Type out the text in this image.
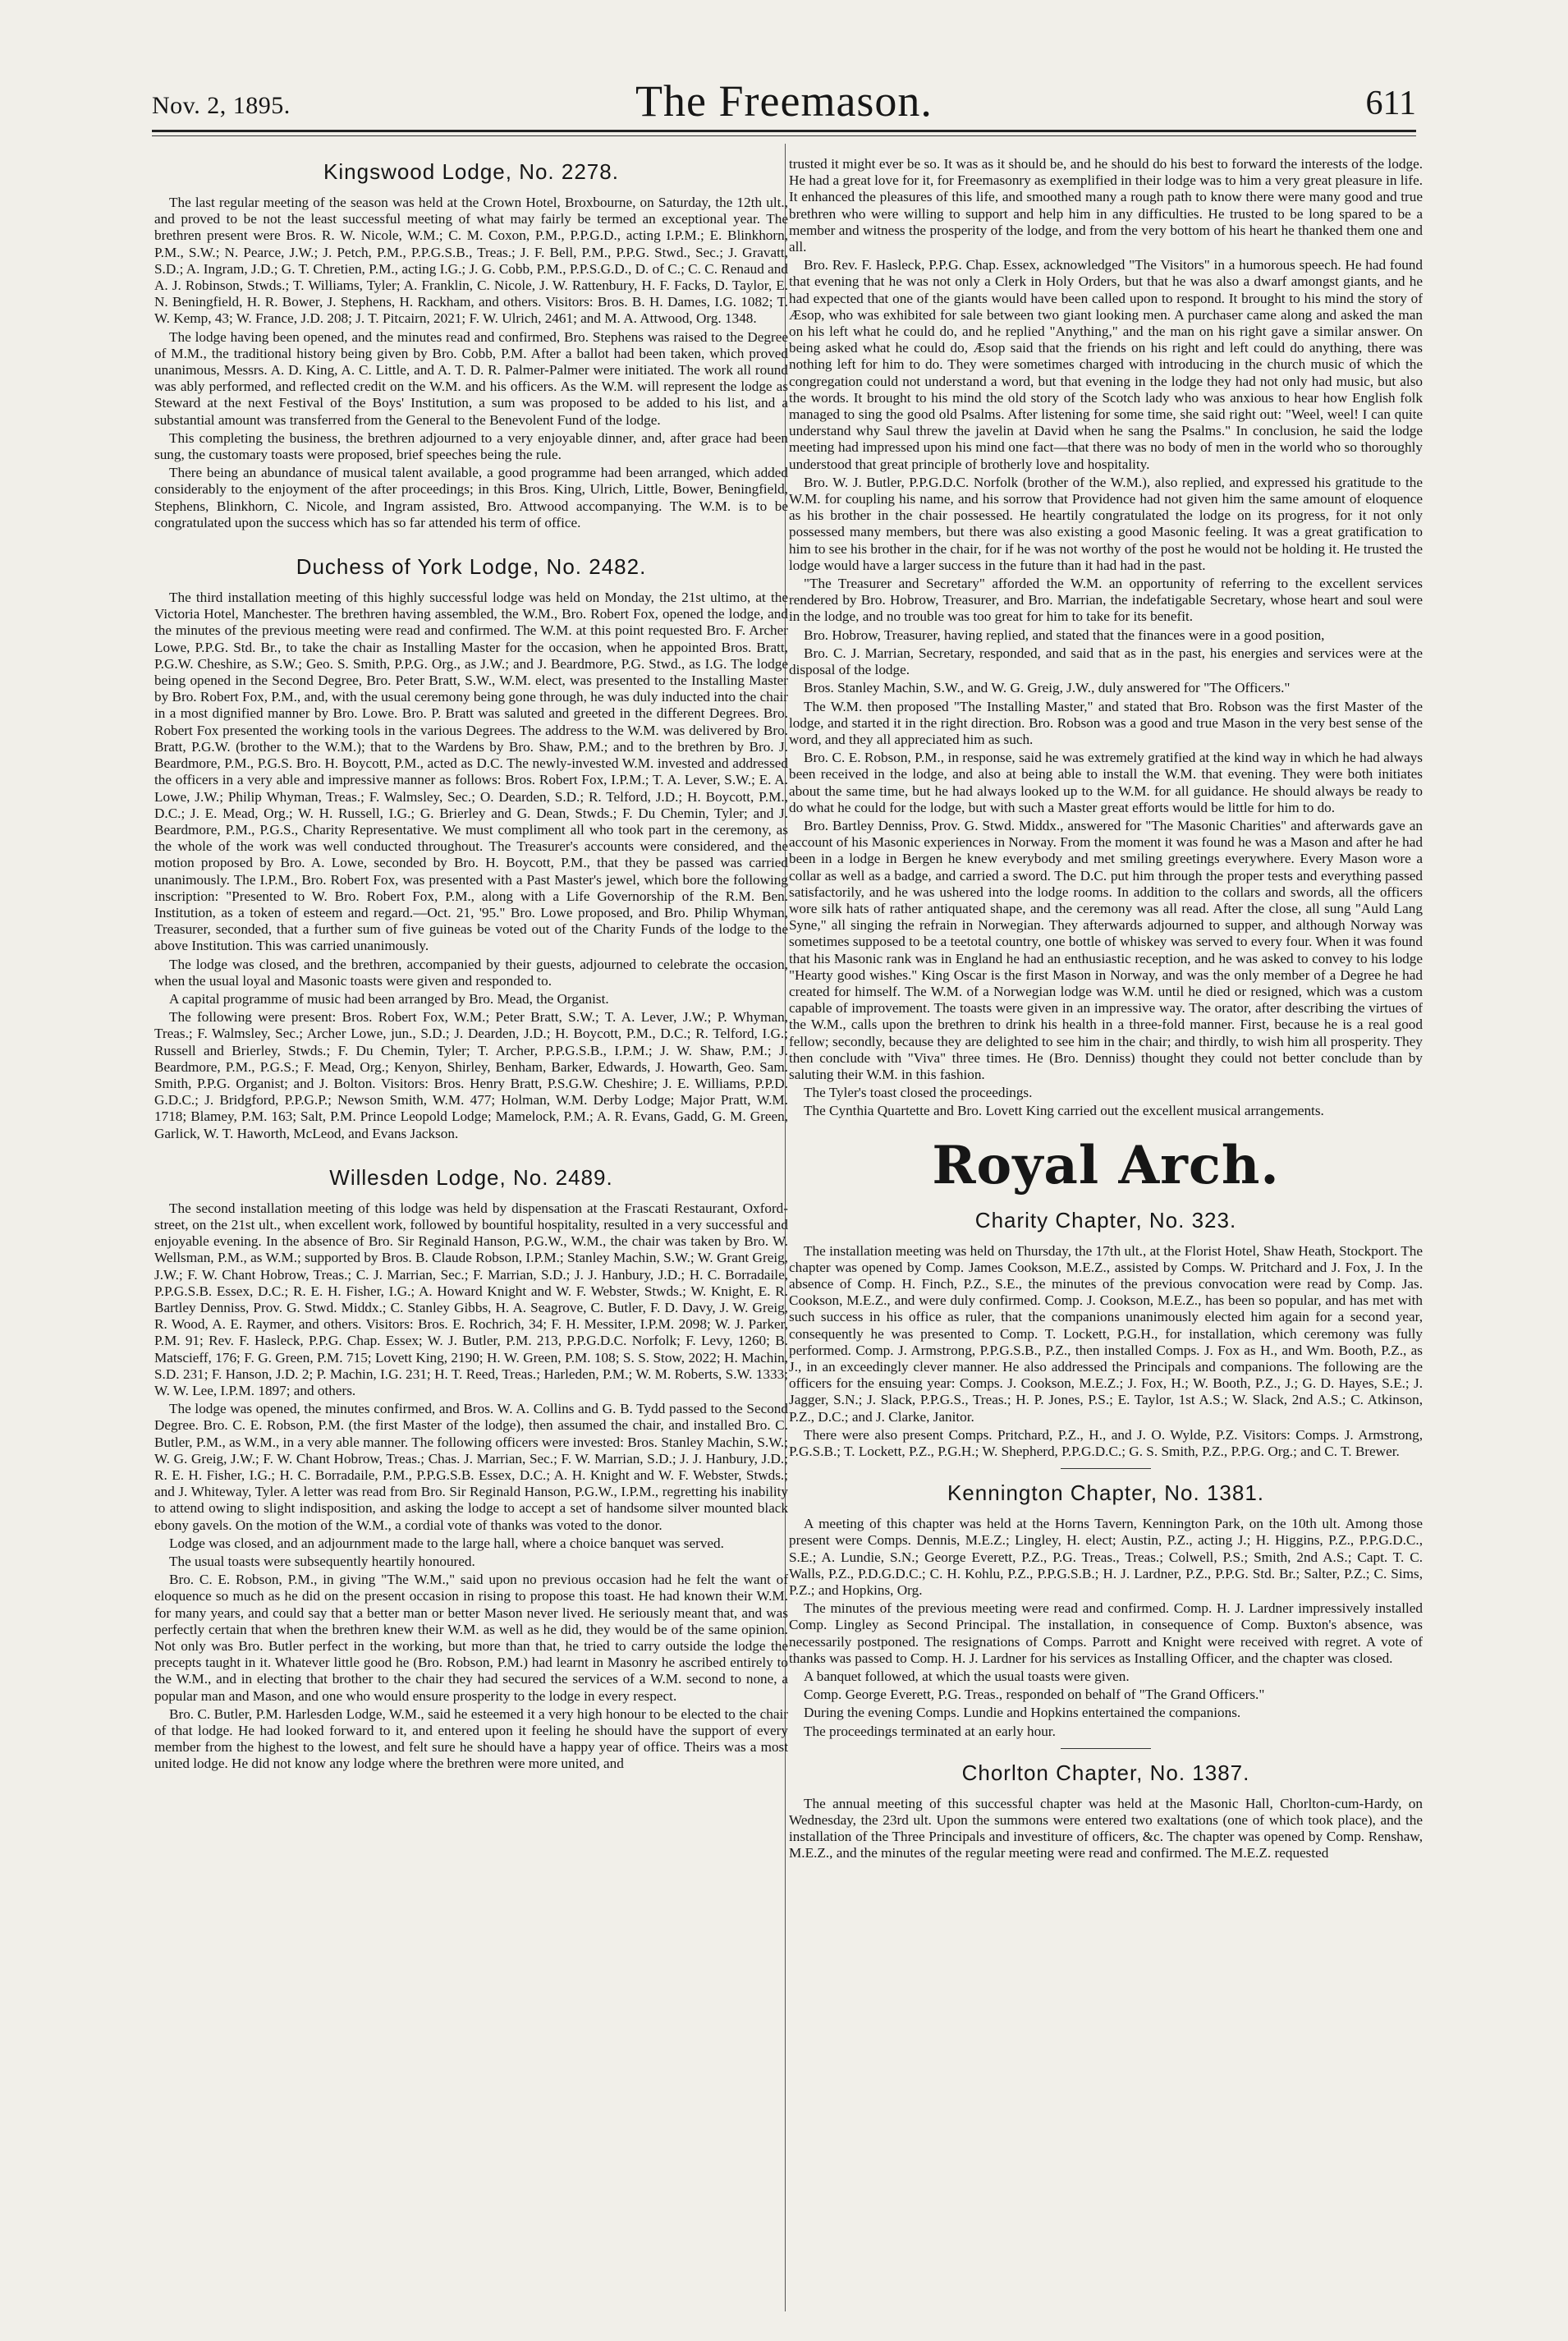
Nov. 2, 1895.	The Freemason.	611
Kingswood Lodge, No. 2278.

The last regular meeting of the season was held at the Crown Hotel, Broxbourne, on Saturday, the 12th ult., and proved to be not the least successful meeting of what may fairly be termed an exceptional year. The brethren present were Bros. R. W. Nicole, W.M.; C. M. Coxon, P.M., P.P.G.D., acting I.P.M.; E. Blinkhorn, P.M., S.W.; N. Pearce, J.W.; J. Petch, P.M., P.P.G.S.B., Treas.; J. F. Bell, P.M., P.P.G. Stwd., Sec.; J. Gravatt, S.D.; A. Ingram, J.D.; G. T. Chretien, P.M., acting I.G.; J. G. Cobb, P.M., P.P.S.G.D., D. of C.; C. C. Renaud and A. J. Robinson, Stwds.; T. Williams, Tyler; A. Franklin, C. Nicole, J. W. Rattenbury, H. F. Facks, D. Taylor, E. N. Beningfield, H. R. Bower, J. Stephens, H. Rackham, and others. Visitors: Bros. B. H. Dames, I.G. 1082; T. W. Kemp, 43; W. France, J.D. 208; J. T. Pitcairn, 2021; F. W. Ulrich, 2461; and M. A. Attwood, Org. 1348.

The lodge having been opened, and the minutes read and confirmed, Bro. Stephens was raised to the Degree of M.M., the traditional history being given by Bro. Cobb, P.M. After a ballot had been taken, which proved unanimous, Messrs. A. D. King, A. C. Little, and A. T. D. R. Palmer-Palmer were initiated. The work all round was ably performed, and reflected credit on the W.M. and his officers. As the W.M. will represent the lodge as Steward at the next Festival of the Boys' Institution, a sum was proposed to be added to his list, and a substantial amount was transferred from the General to the Benevolent Fund of the lodge.

This completing the business, the brethren adjourned to a very enjoyable dinner, and, after grace had been sung, the customary toasts were proposed, brief speeches being the rule.

There being an abundance of musical talent available, a good programme had been arranged, which added considerably to the enjoyment of the after proceedings; in this Bros. King, Ulrich, Little, Bower, Beningfield, Stephens, Blinkhorn, C. Nicole, and Ingram assisted, Bro. Attwood accompanying. The W.M. is to be congratulated upon the success which has so far attended his term of office.

Duchess of York Lodge, No. 2482.

The third installation meeting of this highly successful lodge was held on Monday, the 21st ultimo, at the Victoria Hotel, Manchester. The brethren having assembled, the W.M., Bro. Robert Fox, opened the lodge, and the minutes of the previous meeting were read and confirmed. The W.M. at this point requested Bro. F. Archer Lowe, P.P.G. Std. Br., to take the chair as Installing Master for the occasion, when he appointed Bros. Bratt, P.G.W. Cheshire, as S.W.; Geo. S. Smith, P.P.G. Org., as J.W.; and J. Beardmore, P.G. Stwd., as I.G. The lodge being opened in the Second Degree, Bro. Peter Bratt, S.W., W.M. elect, was presented to the Installing Master by Bro. Robert Fox, P.M., and, with the usual ceremony being gone through, he was duly inducted into the chair in a most dignified manner by Bro. Lowe. Bro. P. Bratt was saluted and greeted in the different Degrees. Bro. Robert Fox presented the working tools in the various Degrees. The address to the W.M. was delivered by Bro. Bratt, P.G.W. (brother to the W.M.); that to the Wardens by Bro. Shaw, P.M.; and to the brethren by Bro. J. Beardmore, P.M., P.G.S. Bro. H. Boycott, P.M., acted as D.C. The newly-invested W.M. invested and addressed the officers in a very able and impressive manner as follows: Bros. Robert Fox, I.P.M.; T. A. Lever, S.W.; E. A. Lowe, J.W.; Philip Whyman, Treas.; F. Walmsley, Sec.; O. Dearden, S.D.; R. Telford, J.D.; H. Boycott, P.M., D.C.; J. E. Mead, Org.; W. H. Russell, I.G.; G. Brierley and G. Dean, Stwds.; F. Du Chemin, Tyler; and J. Beardmore, P.M., P.G.S., Charity Representative. We must compliment all who took part in the ceremony, as the whole of the work was well conducted throughout. The Treasurer's accounts were considered, and the motion proposed by Bro. A. Lowe, seconded by Bro. H. Boycott, P.M., that they be passed was carried unanimously. The I.P.M., Bro. Robert Fox, was presented with a Past Master's jewel, which bore the following inscription: "Presented to W. Bro. Robert Fox, P.M., along with a Life Governorship of the R.M. Ben. Institution, as a token of esteem and regard.—Oct. 21, '95." Bro. Lowe proposed, and Bro. Philip Whyman, Treasurer, seconded, that a further sum of five guineas be voted out of the Charity Funds of the lodge to the above Institution. This was carried unanimously.

The lodge was closed, and the brethren, accompanied by their guests, adjourned to celebrate the occasion, when the usual loyal and Masonic toasts were given and responded to.

A capital programme of music had been arranged by Bro. Mead, the Organist.

The following were present: Bros. Robert Fox, W.M.; Peter Bratt, S.W.; T. A. Lever, J.W.; P. Whyman, Treas.; F. Walmsley, Sec.; Archer Lowe, jun., S.D.; J. Dearden, J.D.; H. Boycott, P.M., D.C.; R. Telford, I.G.; Russell and Brierley, Stwds.; F. Du Chemin, Tyler; T. Archer, P.P.G.S.B., I.P.M.; J. W. Shaw, P.M.; J. Beardmore, P.M., P.G.S.; F. Mead, Org.; Kenyon, Shirley, Benham, Barker, Edwards, J. Howarth, Geo. Sam. Smith, P.P.G. Organist; and J. Bolton. Visitors: Bros. Henry Bratt, P.S.G.W. Cheshire; J. E. Williams, P.P.D. G.D.C.; J. Bridgford, P.P.G.P.; Newson Smith, W.M. 477; Holman, W.M. Derby Lodge; Major Pratt, W.M. 1718; Blamey, P.M. 163; Salt, P.M. Prince Leopold Lodge; Mamelock, P.M.; A. R. Evans, Gadd, G. M. Green, Garlick, W. T. Haworth, McLeod, and Evans Jackson.

Willesden Lodge, No. 2489.

The second installation meeting of this lodge was held by dispensation at the Frascati Restaurant, Oxford-street, on the 21st ult., when excellent work, followed by bountiful hospitality, resulted in a very successful and enjoyable evening. In the absence of Bro. Sir Reginald Hanson, P.G.W., W.M., the chair was taken by Bro. W. Wellsman, P.M., as W.M.; supported by Bros. B. Claude Robson, I.P.M.; Stanley Machin, S.W.; W. Grant Greig, J.W.; F. W. Chant Hobrow, Treas.; C. J. Marrian, Sec.; F. Marrian, S.D.; J. J. Hanbury, J.D.; H. C. Borradaile, P.P.G.S.B. Essex, D.C.; R. E. H. Fisher, I.G.; A. Howard Knight and W. F. Webster, Stwds.; W. Knight, E. R. Bartley Denniss, Prov. G. Stwd. Middx.; C. Stanley Gibbs, H. A. Seagrove, C. Butler, F. D. Davy, J. W. Greig, R. Wood, A. E. Raymer, and others. Visitors: Bros. E. Rochrich, 34; F. H. Messiter, I.P.M. 2098; W. J. Parker, P.M. 91; Rev. F. Hasleck, P.P.G. Chap. Essex; W. J. Butler, P.M. 213, P.P.G.D.C. Norfolk; F. Levy, 1260; B. Matscieff, 176; F. G. Green, P.M. 715; Lovett King, 2190; H. W. Green, P.M. 108; S. S. Stow, 2022; H. Machin, S.D. 231; F. Hanson, J.D. 2; P. Machin, I.G. 231; H. T. Reed, Treas.; Harleden, P.M.; W. M. Roberts, S.W. 1333; W. W. Lee, I.P.M. 1897; and others.

The lodge was opened, the minutes confirmed, and Bros. W. A. Collins and G. B. Tydd passed to the Second Degree. Bro. C. E. Robson, P.M. (the first Master of the lodge), then assumed the chair, and installed Bro. C. Butler, P.M., as W.M., in a very able manner. The following officers were invested: Bros. Stanley Machin, S.W.; W. G. Greig, J.W.; F. W. Chant Hobrow, Treas.; Chas. J. Marrian, Sec.; F. W. Marrian, S.D.; J. J. Hanbury, J.D.; R. E. H. Fisher, I.G.; H. C. Borradaile, P.M., P.P.G.S.B. Essex, D.C.; A. H. Knight and W. F. Webster, Stwds.; and J. Whiteway, Tyler. A letter was read from Bro. Sir Reginald Hanson, P.G.W., I.P.M., regretting his inability to attend owing to slight indisposition, and asking the lodge to accept a set of handsome silver mounted black ebony gavels. On the motion of the W.M., a cordial vote of thanks was voted to the donor.

Lodge was closed, and an adjournment made to the large hall, where a choice banquet was served.

The usual toasts were subsequently heartily honoured.

Bro. C. E. Robson, P.M., in giving "The W.M.," said upon no previous occasion had he felt the want of eloquence so much as he did on the present occasion in rising to propose this toast. He had known their W.M. for many years, and could say that a better man or better Mason never lived. He seriously meant that, and was perfectly certain that when the brethren knew their W.M. as well as he did, they would be of the same opinion. Not only was Bro. Butler perfect in the working, but more than that, he tried to carry outside the lodge the precepts taught in it. Whatever little good he (Bro. Robson, P.M.) had learnt in Masonry he ascribed entirely to the W.M., and in electing that brother to the chair they had secured the services of a W.M. second to none, a popular man and Mason, and one who would ensure prosperity to the lodge in every respect.

Bro. C. Butler, P.M. Harlesden Lodge, W.M., said he esteemed it a very high honour to be elected to the chair of that lodge. He had looked forward to it, and entered upon it feeling he should have the support of every member from the highest to the lowest, and felt sure he should have a happy year of office. Theirs was a most united lodge. He did not know any lodge where the brethren were more united, and

trusted it might ever be so. It was as it should be, and he should do his best to forward the interests of the lodge. He had a great love for it, for Freemasonry as exemplified in their lodge was to him a very great pleasure in life. It enhanced the pleasures of this life, and smoothed many a rough path to know there were many good and true brethren who were willing to support and help him in any difficulties. He trusted to be long spared to be a member and witness the prosperity of the lodge, and from the very bottom of his heart he thanked them one and all.

Bro. Rev. F. Hasleck, P.P.G. Chap. Essex, acknowledged "The Visitors" in a humorous speech. He had found that evening that he was not only a Clerk in Holy Orders, but that he was also a dwarf amongst giants, and he had expected that one of the giants would have been called upon to respond. It brought to his mind the story of Æsop, who was exhibited for sale between two giant looking men. A purchaser came along and asked the man on his left what he could do, and he replied "Anything," and the man on his right gave a similar answer. On being asked what he could do, Æsop said that the friends on his right and left could do anything, there was nothing left for him to do. They were sometimes charged with introducing in the church music of which the congregation could not understand a word, but that evening in the lodge they had not only had music, but also the words. It brought to his mind the old story of the Scotch lady who was anxious to hear how English folk managed to sing the good old Psalms. After listening for some time, she said right out: "Weel, weel! I can quite understand why Saul threw the javelin at David when he sang the Psalms." In conclusion, he said the lodge meeting had impressed upon his mind one fact—that there was no body of men in the world who so thoroughly understood that great principle of brotherly love and hospitality.

Bro. W. J. Butler, P.P.G.D.C. Norfolk (brother of the W.M.), also replied, and expressed his gratitude to the W.M. for coupling his name, and his sorrow that Providence had not given him the same amount of eloquence as his brother in the chair possessed. He heartily congratulated the lodge on its progress, for it not only possessed many members, but there was also existing a good Masonic feeling. It was a great gratification to him to see his brother in the chair, for if he was not worthy of the post he would not be holding it. He trusted the lodge would have a larger success in the future than it had had in the past.

"The Treasurer and Secretary" afforded the W.M. an opportunity of referring to the excellent services rendered by Bro. Hobrow, Treasurer, and Bro. Marrian, the indefatigable Secretary, whose heart and soul were in the lodge, and no trouble was too great for him to take for its benefit.

Bro. Hobrow, Treasurer, having replied, and stated that the finances were in a good position,

Bro. C. J. Marrian, Secretary, responded, and said that as in the past, his energies and services were at the disposal of the lodge.

Bros. Stanley Machin, S.W., and W. G. Greig, J.W., duly answered for "The Officers."

The W.M. then proposed "The Installing Master," and stated that Bro. Robson was the first Master of the lodge, and started it in the right direction. Bro. Robson was a good and true Mason in the very best sense of the word, and they all appreciated him as such.

Bro. C. E. Robson, P.M., in response, said he was extremely gratified at the kind way in which he had always been received in the lodge, and also at being able to install the W.M. that evening. They were both initiates about the same time, but he had always looked up to the W.M. for all guidance. He should always be ready to do what he could for the lodge, but with such a Master great efforts would be little for him to do.

Bro. Bartley Denniss, Prov. G. Stwd. Middx., answered for "The Masonic Charities" and afterwards gave an account of his Masonic experiences in Norway. From the moment it was found he was a Mason and after he had been in a lodge in Bergen he knew everybody and met smiling greetings everywhere. Every Mason wore a collar as well as a badge, and carried a sword. The D.C. put him through the proper tests and everything passed satisfactorily, and he was ushered into the lodge rooms. In addition to the collars and swords, all the officers wore silk hats of rather antiquated shape, and the ceremony was all read. After the close, all sung "Auld Lang Syne," all singing the refrain in Norwegian. They afterwards adjourned to supper, and although Norway was sometimes supposed to be a teetotal country, one bottle of whiskey was served to every four. When it was found that his Masonic rank was in England he had an enthusiastic reception, and he was asked to convey to his lodge "Hearty good wishes." King Oscar is the first Mason in Norway, and was the only member of a Degree he had created for himself. The W.M. of a Norwegian lodge was W.M. until he died or resigned, which was a custom capable of improvement. The toasts were given in an impressive way. The orator, after describing the virtues of the W.M., calls upon the brethren to drink his health in a three-fold manner. First, because he is a real good fellow; secondly, because they are delighted to see him in the chair; and thirdly, to wish him all prosperity. They then conclude with "Viva" three times. He (Bro. Denniss) thought they could not better conclude than by saluting their W.M. in this fashion.

The Tyler's toast closed the proceedings.

The Cynthia Quartette and Bro. Lovett King carried out the excellent musical arrangements.

Royal Arch.
Charity Chapter, No. 323.

The installation meeting was held on Thursday, the 17th ult., at the Florist Hotel, Shaw Heath, Stockport. The chapter was opened by Comp. James Cookson, M.E.Z., assisted by Comps. W. Pritchard and J. Fox, J. In the absence of Comp. H. Finch, P.Z., S.E., the minutes of the previous convocation were read by Comp. Jas. Cookson, M.E.Z., and were duly confirmed. Comp. J. Cookson, M.E.Z., has been so popular, and has met with such success in his office as ruler, that the companions unanimously elected him again for a second year, consequently he was presented to Comp. T. Lockett, P.G.H., for installation, which ceremony was fully performed. Comp. J. Armstrong, P.P.G.S.B., P.Z., then installed Comps. J. Fox as H., and Wm. Booth, P.Z., as J., in an exceedingly clever manner. He also addressed the Principals and companions. The following are the officers for the ensuing year: Comps. J. Cookson, M.E.Z.; J. Fox, H.; W. Booth, P.Z., J.; G. D. Hayes, S.E.; J. Jagger, S.N.; J. Slack, P.P.G.S., Treas.; H. P. Jones, P.S.; E. Taylor, 1st A.S.; W. Slack, 2nd A.S.; C. Atkinson, P.Z., D.C.; and J. Clarke, Janitor.

There were also present Comps. Pritchard, P.Z., H., and J. O. Wylde, P.Z. Visitors: Comps. J. Armstrong, P.G.S.B.; T. Lockett, P.Z., P.G.H.; W. Shepherd, P.P.G.D.C.; G. S. Smith, P.Z., P.P.G. Org.; and C. T. Brewer.

Kennington Chapter, No. 1381.

A meeting of this chapter was held at the Horns Tavern, Kennington Park, on the 10th ult. Among those present were Comps. Dennis, M.E.Z.; Lingley, H. elect; Austin, P.Z., acting J.; H. Higgins, P.Z., P.P.G.D.C., S.E.; A. Lundie, S.N.; George Everett, P.Z., P.G. Treas., Treas.; Colwell, P.S.; Smith, 2nd A.S.; Capt. T. C. Walls, P.Z., P.D.G.D.C.; C. H. Kohlu, P.Z., P.P.G.S.B.; H. J. Lardner, P.Z., P.P.G. Std. Br.; Salter, P.Z.; C. Sims, P.Z.; and Hopkins, Org.

The minutes of the previous meeting were read and confirmed. Comp. H. J. Lardner impressively installed Comp. Lingley as Second Principal. The installation, in consequence of Comp. Buxton's absence, was necessarily postponed. The resignations of Comps. Parrott and Knight were received with regret. A vote of thanks was passed to Comp. H. J. Lardner for his services as Installing Officer, and the chapter was closed.

A banquet followed, at which the usual toasts were given.

Comp. George Everett, P.G. Treas., responded on behalf of "The Grand Officers."

During the evening Comps. Lundie and Hopkins entertained the companions.

The proceedings terminated at an early hour.

Chorlton Chapter, No. 1387.

The annual meeting of this successful chapter was held at the Masonic Hall, Chorlton-cum-Hardy, on Wednesday, the 23rd ult. Upon the summons were entered two exaltations (one of which took place), and the installation of the Three Principals and investiture of officers, &c. The chapter was opened by Comp. Renshaw, M.E.Z., and the minutes of the regular meeting were read and confirmed. The M.E.Z. requested
